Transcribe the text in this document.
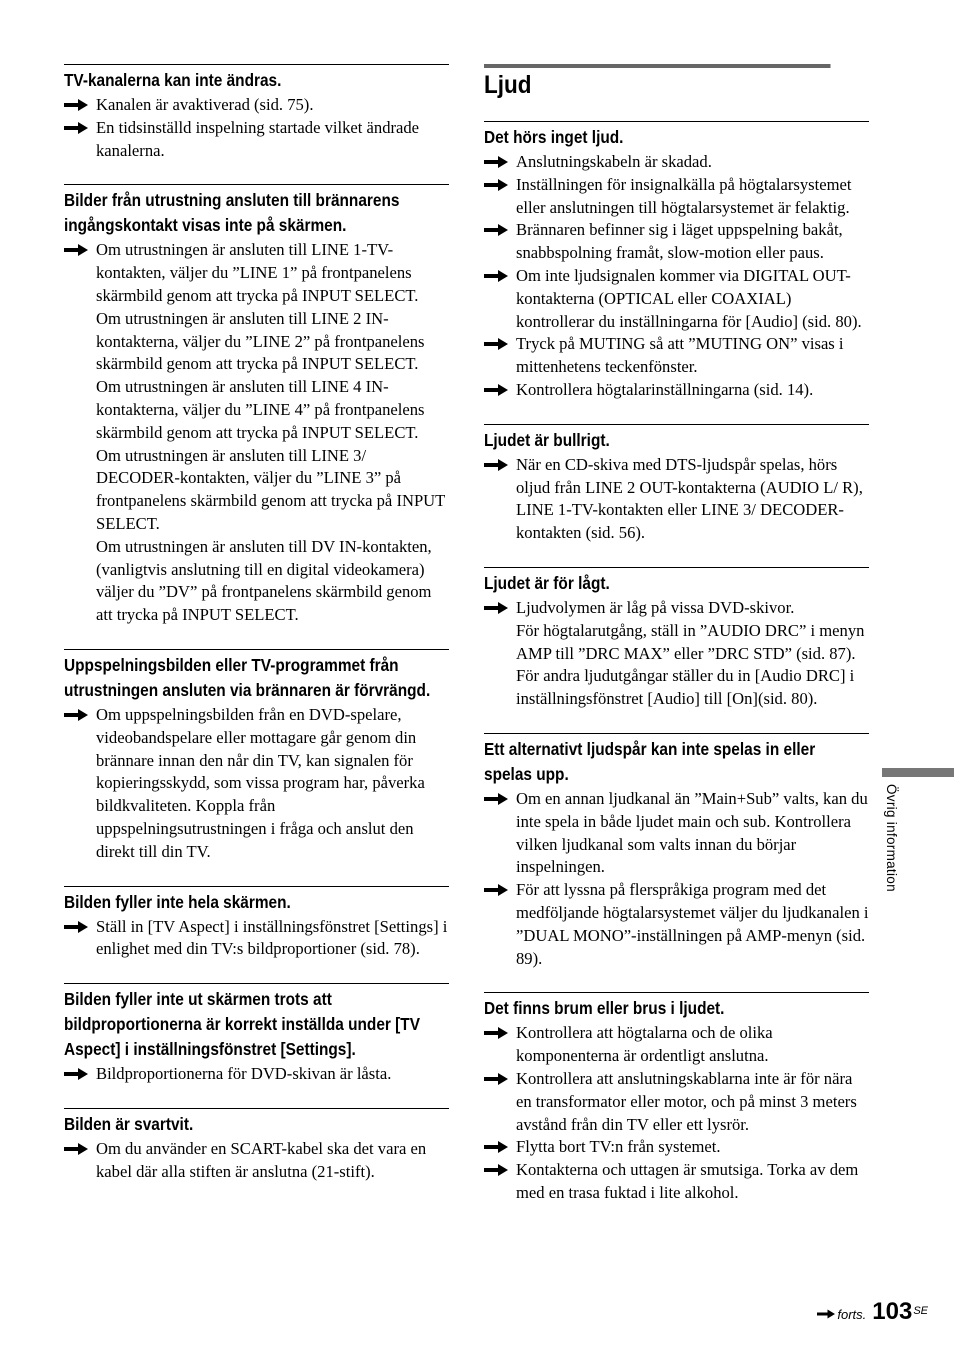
TV-kanalerna kan inte ändras.
Kanalen är avaktiverad (sid. 75).
En tidsinställd inspelning startade vilket ändrade kanalerna.
Bilder från utrustning ansluten till brännarens ingångskontakt visas inte på skärmen.
Om utrustningen är ansluten till LINE 1-TV-kontakten, väljer du ”LINE 1” på frontpanelens skärmbild genom att trycka på INPUT SELECT.
Om utrustningen är ansluten till LINE 2 IN-kontakterna, väljer du ”LINE 2” på frontpanelens skärmbild genom att trycka på INPUT SELECT.
Om utrustningen är ansluten till LINE 4 IN-kontakterna, väljer du ”LINE 4” på frontpanelens skärmbild genom att trycka på INPUT SELECT.
Om utrustningen är ansluten till LINE 3/ DECODER-kontakten, väljer du ”LINE 3” på frontpanelens skärmbild genom att trycka på INPUT SELECT.
Om utrustningen är ansluten till DV IN-kontakten, (vanligtvis anslutning till en digital videokamera) väljer du ”DV” på frontpanelens skärmbild genom att trycka på INPUT SELECT.
Uppspelningsbilden eller TV-programmet från utrustningen ansluten via brännaren är förvrängd.
Om uppspelningsbilden från en DVD-spelare, videobandspelare eller mottagare går genom din brännare innan den når din TV, kan signalen för kopieringsskydd, som vissa program har, påverka bildkvaliteten. Koppla från uppspelningsutrustningen i fråga och anslut den direkt till din TV.
Bilden fyller inte hela skärmen.
Ställ in [TV Aspect] i inställningsfönstret [Settings] i enlighet med din TV:s bildproportioner (sid. 78).
Bilden fyller inte ut skärmen trots att bildproportionerna är korrekt inställda under [TV Aspect] i inställningsfönstret [Settings].
Bildproportionerna för DVD-skivan är låsta.
Bilden är svartvit.
Om du använder en SCART-kabel ska det vara en kabel där alla stiften är anslutna (21-stift).
Ljud
Det hörs inget ljud.
Anslutningskabeln är skadad.
Inställningen för insignalkälla på högtalarsystemet eller anslutningen till högtalarsystemet är felaktig.
Brännaren befinner sig i läget uppspelning bakåt, snabbspolning framåt, slow-motion eller paus.
Om inte ljudsignalen kommer via DIGITAL OUT-kontakterna (OPTICAL eller COAXIAL) kontrollerar du inställningarna för [Audio] (sid. 80).
Tryck på MUTING så att ”MUTING ON” visas i mittenhetens teckenfönster.
Kontrollera högtalarinställningarna (sid. 14).
Ljudet är bullrigt.
När en CD-skiva med DTS-ljudspår spelas, hörs oljud från LINE 2 OUT-kontakterna (AUDIO L/ R), LINE 1-TV-kontakten eller LINE 3/ DECODER-kontakten (sid. 56).
Ljudet är för lågt.
Ljudvolymen är låg på vissa DVD-skivor.
För högtalarutgång, ställ in ”AUDIO DRC” i menyn AMP till ”DRC MAX” eller ”DRC STD” (sid. 87).
För andra ljudutgångar ställer du in [Audio DRC] i inställningsfönstret [Audio] till [On](sid. 80).
Ett alternativt ljudspår kan inte spelas in eller spelas upp.
Om en annan ljudkanal än ”Main+Sub” valts, kan du inte spela in både ljudet main och sub. Kontrollera vilken ljudkanal som valts innan du börjar inspelningen.
För att lyssna på flerspråkiga program med det medföljande högtalarsystemet väljer du ljudkanalen i ”DUAL MONO”-inställningen på AMP-menyn (sid. 89).
Det finns brum eller brus i ljudet.
Kontrollera att högtalarna och de olika komponenterna är ordentligt anslutna.
Kontrollera att anslutningskablarna inte är för nära en transformator eller motor, och på minst 3 meters avstånd från din TV eller ett lysrör.
Flytta bort TV:n från systemet.
Kontakterna och uttagen är smutsiga. Torka av dem med en trasa fuktad i lite alkohol.
Övrig information
forts. 103 SE
